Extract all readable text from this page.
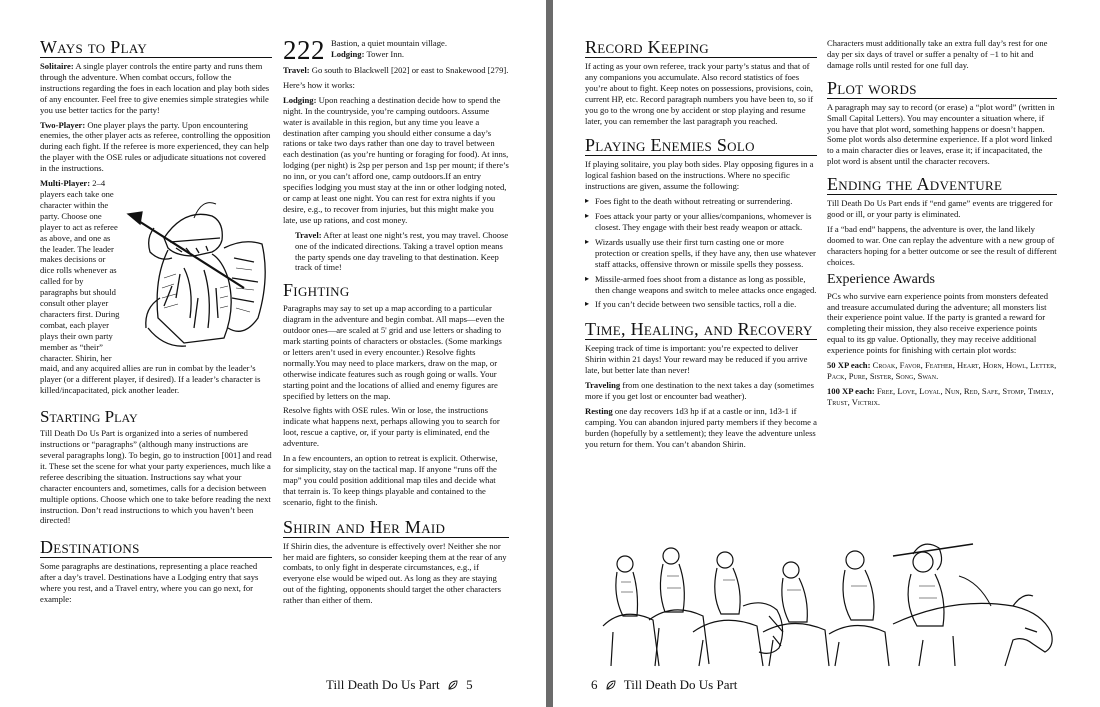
Ways to Play

Solitaire: A single player controls the entire party and runs them through the adventure. When combat occurs, follow the instructions regarding the foes in each location and play both sides of any encounter. Feel free to give enemies simple strategies while you use better tactics for the party!

Two-Player: One player plays the party. Upon encountering enemies, the other player acts as referee, controlling the opposition during each fight. If the referee is more experienced, they can help the player with the OSE rules or adjudicate situations not covered in the instructions.

Multi-Player: 2–4 players each take one character within the party. Choose one player to act as referee as above, and one as the leader. The leader makes decisions or dice rolls whenever as called for by paragraphs but should consult other player characters first. During combat, each player plays their own party member as “their” character. Shirin, her maid, and any acquired allies are run in combat by the leader’s player (or a different player, if desired). If a leader’s character is killed/incapacitated, pick another leader.

Starting Play

Till Death Do Us Part is organized into a series of numbered instructions or “paragraphs” (although many instructions are several paragraphs long). To begin, go to instruction [001] and read it. These set the scene for what your party experiences, much like a referee describing the situation. Instructions say what your character encounters and, sometimes, calls for a decision between multiple options. Choose which one to take before reading the next instruction. Don’t read instructions to which you haven’t been directed!

Destinations

Some paragraphs are destinations, representing a place reached after a day’s travel. Destinations have a Lodging entry that says where you rest, and a Travel entry, where you can go next, for example:

222 Bastion, a quiet mountain village.
Lodging: Tower Inn.

Travel: Go south to Blackwell [202] or east to Snakewood [279].

Here’s how it works:

Lodging: Upon reaching a destination decide how to spend the night. In the countryside, you’re camping outdoors. Assume water is available in this region, but any time you leave a destination after camping you should either consume a day’s rations or take two days rather than one day to travel between each destination (as you’re hunting or foraging for food). At inns, lodging (per night) is 2sp per person and 1sp per mount; if there’s no inn, or you can’t afford one, camp outdoors.If an entry specifies lodging you must stay at the inn or other lodging noted, or camp at least one night. You can rest for extra nights if you desire, e.g., to recover from injuries, but this might make you late, use up rations, and cost money.

Travel: After at least one night’s rest, you may travel. Choose one of the indicated directions. Taking a travel option means the party spends one day traveling to that destination. Keep track of time!

Fighting

Paragraphs may say to set up a map according to a particular diagram in the adventure and begin combat. All maps—even the outdoor ones—are scaled at 5' grid and use letters or shading to mark starting points of characters or obstacles. (Some markings or letters aren’t used in every encounter.) Resolve fights normally.You may need to place markers, draw on the map, or otherwise indicate features such as rough going or walls. Your starting point and the locations of allied and enemy figures are specified by letters on the map.

Resolve fights with OSE rules. Win or lose, the instructions indicate what happens next, perhaps allowing you to search for loot, rescue a captive, or, if your party is eliminated, end the adventure.

In a few encounters, an option to retreat is explicit. Otherwise, for simplicity, stay on the tactical map. If anyone “runs off the map” you could position additional map tiles and decide what that terrain is. To keep things playable and contained to the scenario, fight to the finish.

Shirin and Her Maid

If Shirin dies, the adventure is effectively over! Neither she nor her maid are fighters, so consider keeping them at the rear of any combats, to only fight in desperate circumstances, e.g., if everyone else would be wiped out. As long as they are staying out of the fighting, opponents should target the other characters rather than either of them.

Till Death Do Us Part 5
Record Keeping

If acting as your own referee, track your party’s status and that of any companions you accumulate. Also record statistics of foes you’re about to fight. Keep notes on possessions, provisions, coin, current HP, etc. Record paragraph numbers you have been to, so if you go to the wrong one by accident or stop playing and resume later, you can remember the last paragraph you reached.

Playing Enemies Solo

If playing solitaire, you play both sides. Play opposing figures in a logical fashion based on the instructions. Where no specific instructions are given, assume the following:

▸ Foes fight to the death without retreating or surrendering.
▸ Foes attack your party or your allies/companions, whomever is closest. They engage with their best ready weapon or attack.
▸ Wizards usually use their first turn casting one or more protection or creation spells, if they have any, then use whatever staff attacks, offensive thrown or missile spells they possess.
▸ Missile-armed foes shoot from a distance as long as possible, then change weapons and switch to melee attacks once engaged.
▸ If you can’t decide between two sensible tactics, roll a die.
Time, Healing, and Recovery

Keeping track of time is important: you’re expected to deliver Shirin within 21 days! Your reward may be reduced if you arrive late, but better late than never!

Traveling from one destination to the next takes a day (sometimes more if you get lost or encounter bad weather).

Resting one day recovers 1d3 hp if at a castle or inn, 1d3-1 if camping. You can abandon injured party members if they become a burden (hopefully by a settlement); they leave the adventure unless you return for them. You can’t abandon Shirin.

Characters must additionally take an extra full day’s rest for one day per six days of travel or suffer a penalty of −1 to hit and damage rolls until rested for one full day.

Plot words

A paragraph may say to record (or erase) a “plot word” (written in Small Capital Letters). You may encounter a situation where, if you have that plot word, something happens or doesn’t happen. Some plot words also determine experience. If a plot word linked to a main character dies or leaves, erase it; if incapacitated, the plot word is absent until the character recovers.

Ending the Adventure

Till Death Do Us Part ends if “end game” events are triggered for good or ill, or your party is eliminated.

If a “bad end” happens, the adventure is over, the land likely doomed to war. One can replay the adventure with a new group of characters hoping for a better outcome or see the result of different choices.

Experience Awards

PCs who survive earn experience points from monsters defeated and treasure accumulated during the adventure; all monsters list their experience point value. If the party is granted a reward for completing their mission, they also receive experience points equal to its gp value. Optionally, they may receive additional experience points for finishing with certain plot words:

50 XP each: Croak, Favor, Feather, Heart, Horn, Howl, Letter, Pack, Pure, Sister, Song, Swan.

100 XP each: Free, Love, Loyal, Nun, Red, Safe, Stomp, Timely, Trust, Victrix.

6 Till Death Do Us Part
